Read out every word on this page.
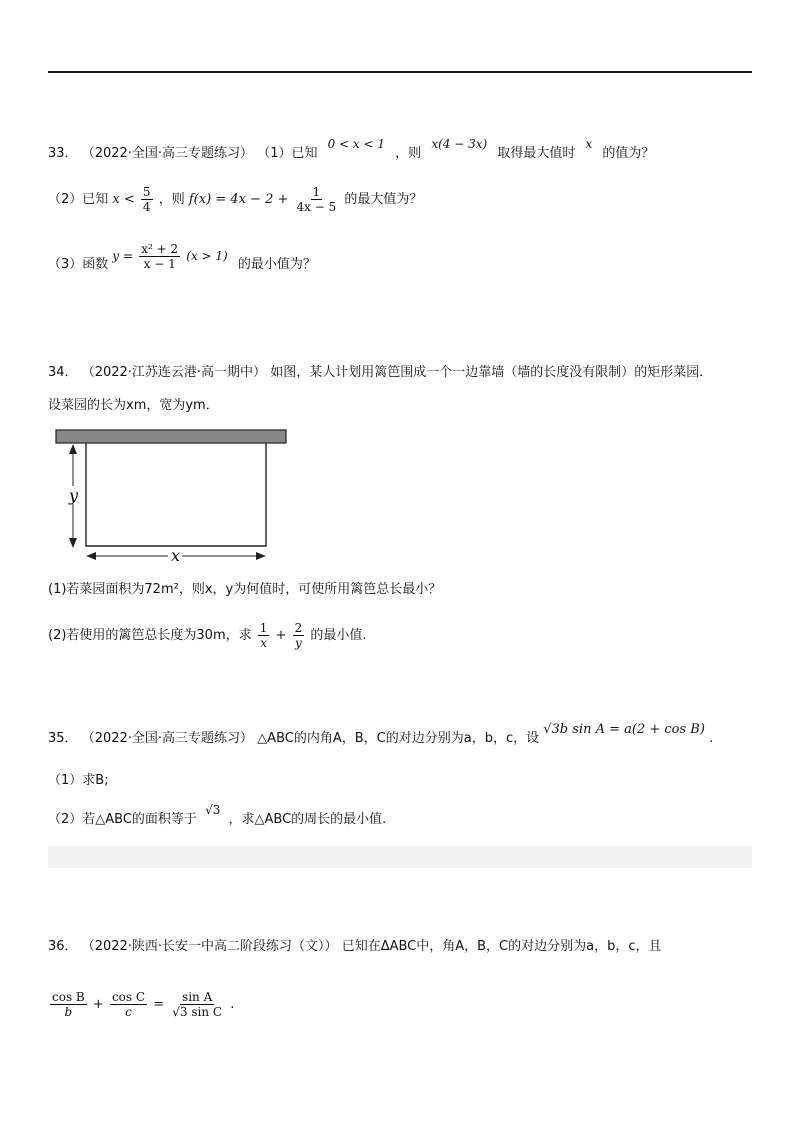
33． （2022·全国·高三专题练习） （1）已知 0 < x < 1 ，则 x(4 − 3x) 取得最大值时 x 的值为？
（2）已知 $x < \frac{5}{4}$ ，则 $f(x) = 4x - 2 + \frac{1}{4x - 5}$ 的最大值为？
（3）函数 $y = \frac{\text{x² + 2}}{x - 1} (x > 1)$ 的最小值为？
34． （2022·江苏连云港·高一期中） 如图，某人计划用篱笆围成一个一边靠墙（墙的长度没有限制）的矩形菜园．
设菜园的长为xm，宽为ym．
y
x
(1)若菜园面积为72m²，则x，y为何值时，可使所用篱笆总长最小？
(2)若使用的篱笆总长度为30m，求 $\frac{1}{x} + \frac{2}{y}$ 的最小值.
35． （2022·全国·高三专题练习） △ABC的内角A，B，C的对边分别为a，b，c，设 √3b sin A = a(2 + cos B) .
（1）求B;
（2）若△ABC的面积等于 √3 ，求△ABC的周长的最小值.
36． （2022·陕西·长安一中高二阶段练习（文）） 已知在ΔABC中，角A，B，C的对边分别为a，b，c，且
$\frac{\text{cos B}}{b} + \frac{\text{cos C}}{c} = \frac{\text{sin A}}{\text{√3 sin C}}$ .
